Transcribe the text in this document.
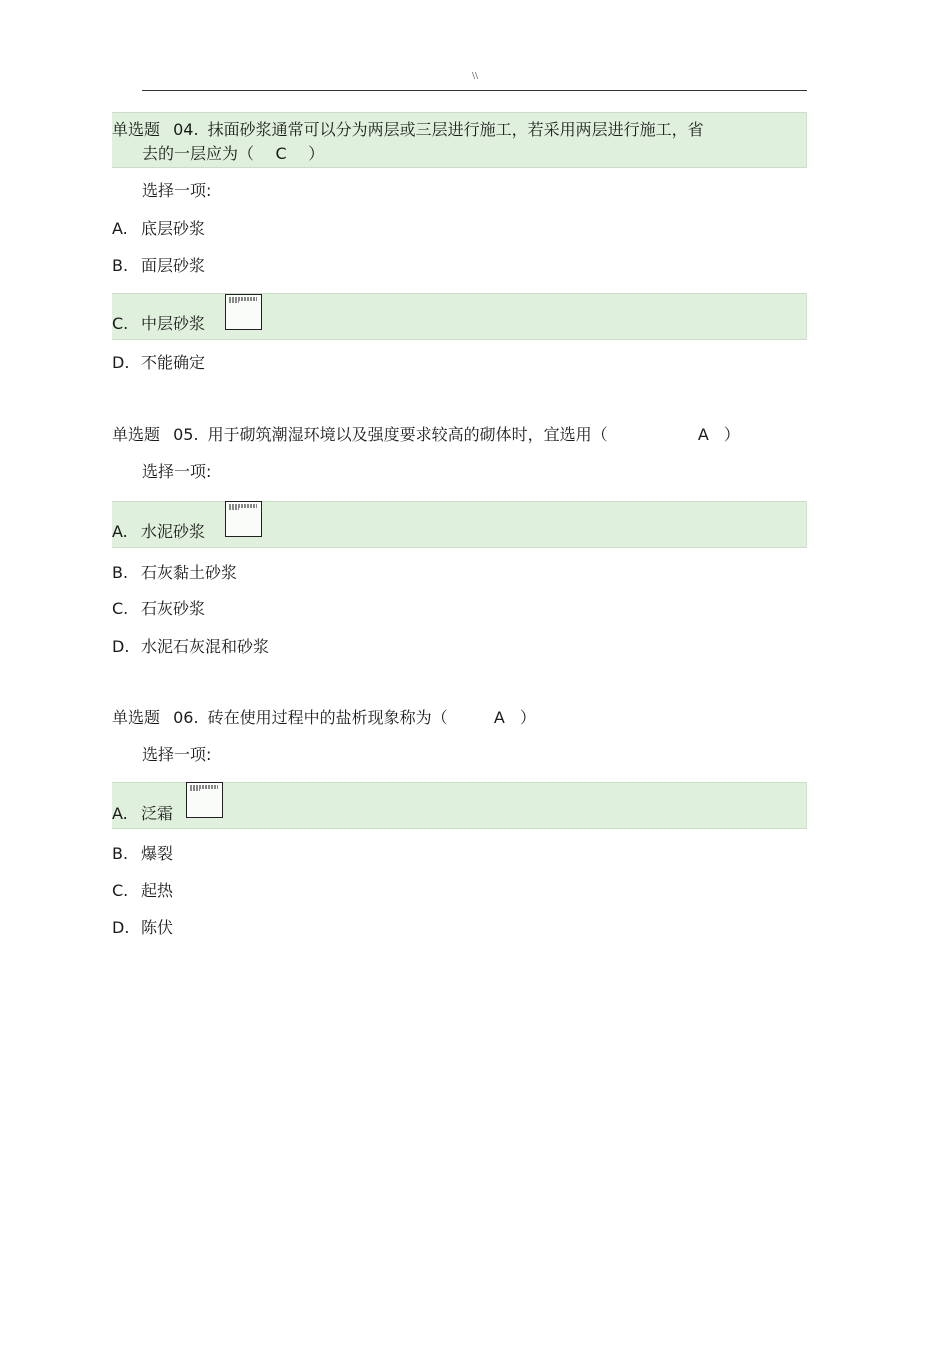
\\
单选题 04. 抹面砂浆通常可以分为两层或三层进行施工，若采用两层进行施工，省
去的一层应为（ C ）
选择一项:
A. 底层砂浆
B. 面层砂浆
C. 中层砂浆
D. 不能确定
单选题 05. 用于砌筑潮湿环境以及强度要求较高的砌体时，宜选用（	A ）
选择一项:
A. 水泥砂浆
B. 石灰黏土砂浆
C. 石灰砂浆
D. 水泥石灰混和砂浆
单选题 06. 砖在使用过程中的盐析现象称为（	A ）
选择一项:
A. 泛霜
B. 爆裂
C. 起热
D. 陈伏
